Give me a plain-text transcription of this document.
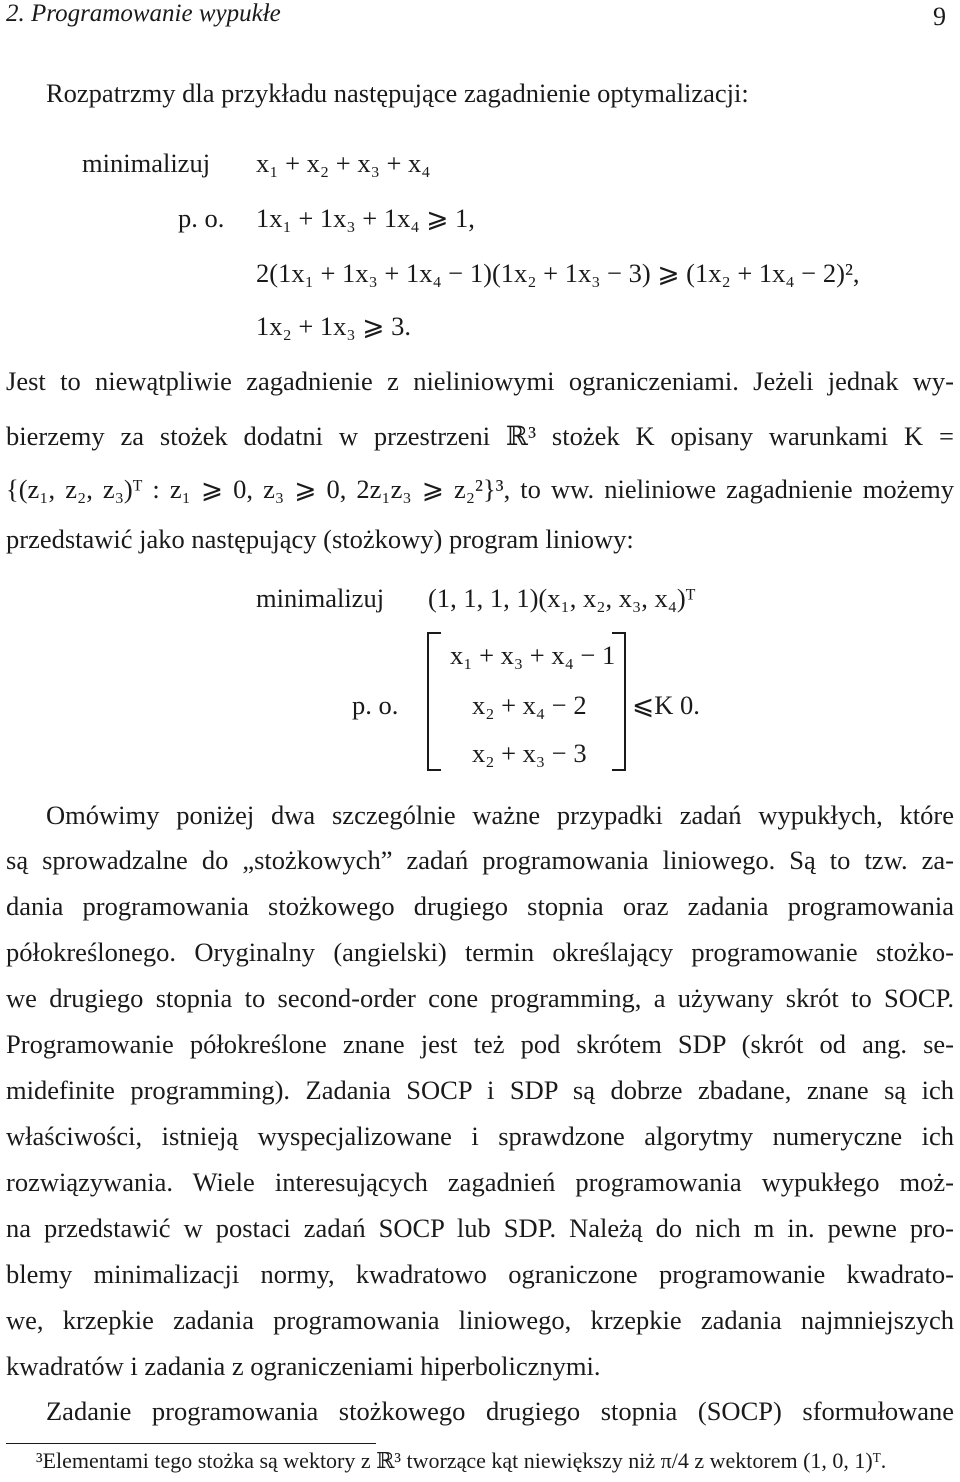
2. Programowanie wypukłe	9
Rozpatrzmy dla przykładu następujące zagadnienie optymalizacji:
minimalizuj x₁ + x₂ + x₃ + x₄
p. o. 1x₁ + 1x₃ + 1x₄ ⩾ 1,
2(1x₁ + 1x₃ + 1x₄ − 1)(1x₂ + 1x₃ − 3) ⩾ (1x₂ + 1x₄ − 2)²,
1x₂ + 1x₃ ⩾ 3.
Jest to niewątpliwie zagadnienie z nieliniowymi ograniczeniami. Jeżeli jednak wy-
bierzemy za stożek dodatni w przestrzeni ℝ³ stożek K opisany warunkami K =
{(z₁, z₂, z₃)ᵀ : z₁ ⩾ 0, z₃ ⩾ 0, 2z₁z₃ ⩾ z₂²}³, to ww. nieliniowe zagadnienie możemy
przedstawić jako następujący (stożkowy) program liniowy:
minimalizuj (1, 1, 1, 1)(x₁, x₂, x₃, x₄)ᵀ
p. o.
x₁ + x₃ + x₄ − 1
x₂ + x₄ − 2
x₂ + x₃ − 3
⩽K 0.
Omówimy poniżej dwa szczególnie ważne przypadki zadań wypukłych, które
są sprowadzalne do „stożkowych” zadań programowania liniowego. Są to tzw. za-
dania programowania stożkowego drugiego stopnia oraz zadania programowania
półokreślonego. Oryginalny (angielski) termin określający programowanie stożko-
we drugiego stopnia to second-order cone programming, a używany skrót to SOCP.
Programowanie półokreślone znane jest też pod skrótem SDP (skrót od ang. se-
midefinite programming). Zadania SOCP i SDP są dobrze zbadane, znane są ich
właściwości, istnieją wyspecjalizowane i sprawdzone algorytmy numeryczne ich
rozwiązywania. Wiele interesujących zagadnień programowania wypukłego moż-
na przedstawić w postaci zadań SOCP lub SDP. Należą do nich m in. pewne pro-
blemy minimalizacji normy, kwadratowo ograniczone programowanie kwadrato-
we, krzepkie zadania programowania liniowego, krzepkie zadania najmniejszych
kwadratów i zadania z ograniczeniami hiperbolicznymi.
Zadanie programowania stożkowego drugiego stopnia (SOCP) sformułowane
³Elementami tego stożka są wektory z ℝ³ tworzące kąt niewiększy niż π/4 z wektorem (1, 0, 1)ᵀ.
